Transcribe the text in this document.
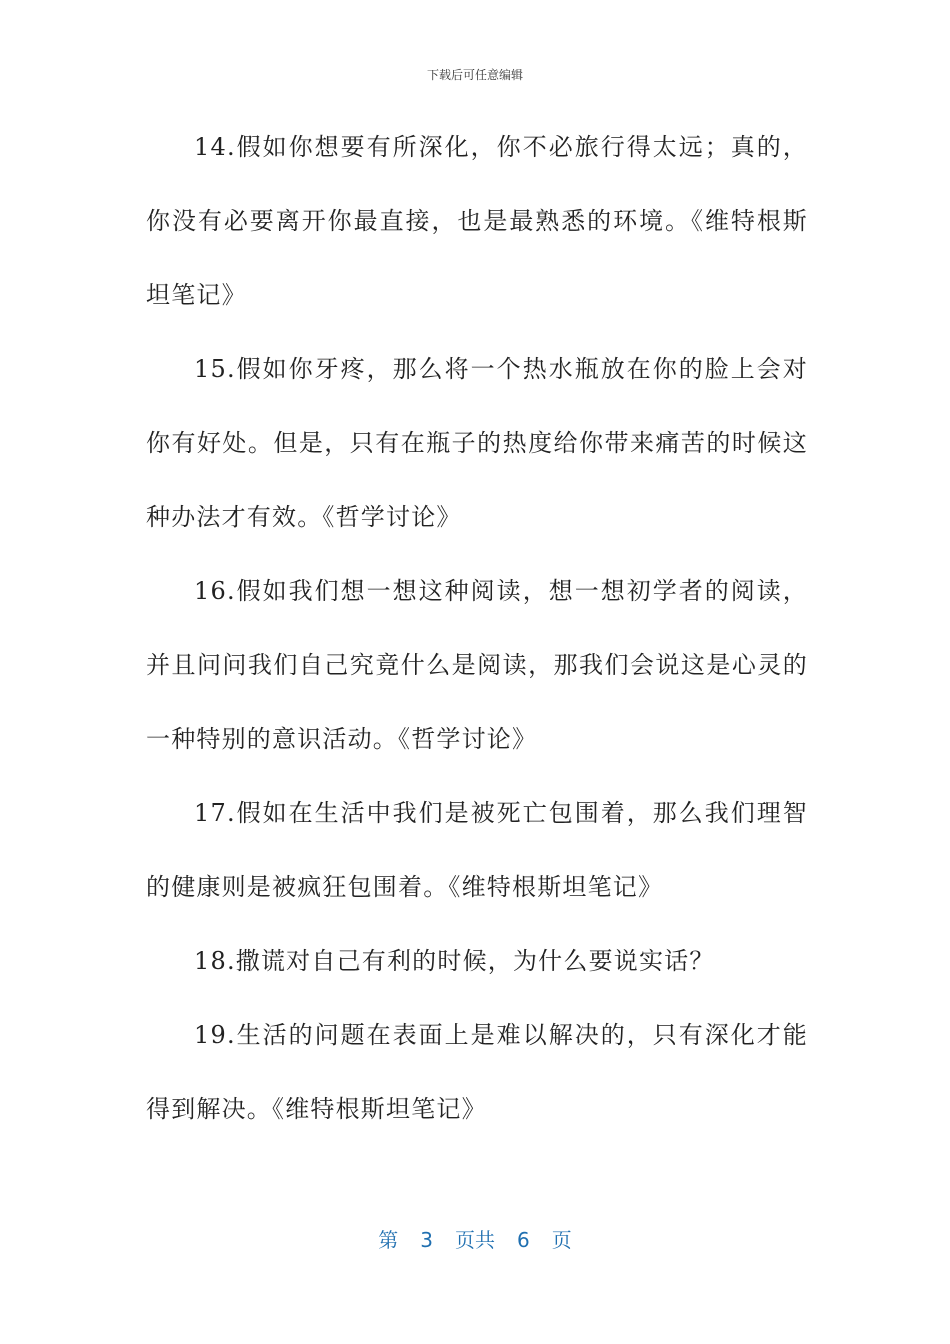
下载后可任意编辑

14.假如你想要有所深化，你不必旅行得太远；真的，你没有必要离开你最直接，也是最熟悉的环境。《维特根斯坦笔记》

15.假如你牙疼，那么将一个热水瓶放在你的脸上会对你有好处。但是，只有在瓶子的热度给你带来痛苦的时候这种办法才有效。《哲学讨论》

16.假如我们想一想这种阅读，想一想初学者的阅读，并且问问我们自己究竟什么是阅读，那我们会说这是心灵的一种特别的意识活动。《哲学讨论》

17.假如在生活中我们是被死亡包围着，那么我们理智的健康则是被疯狂包围着。《维特根斯坦笔记》

18.撒谎对自己有利的时候，为什么要说实话？

19.生活的问题在表面上是难以解决的，只有深化才能得到解决。《维特根斯坦笔记》

第 3 页共 6 页
